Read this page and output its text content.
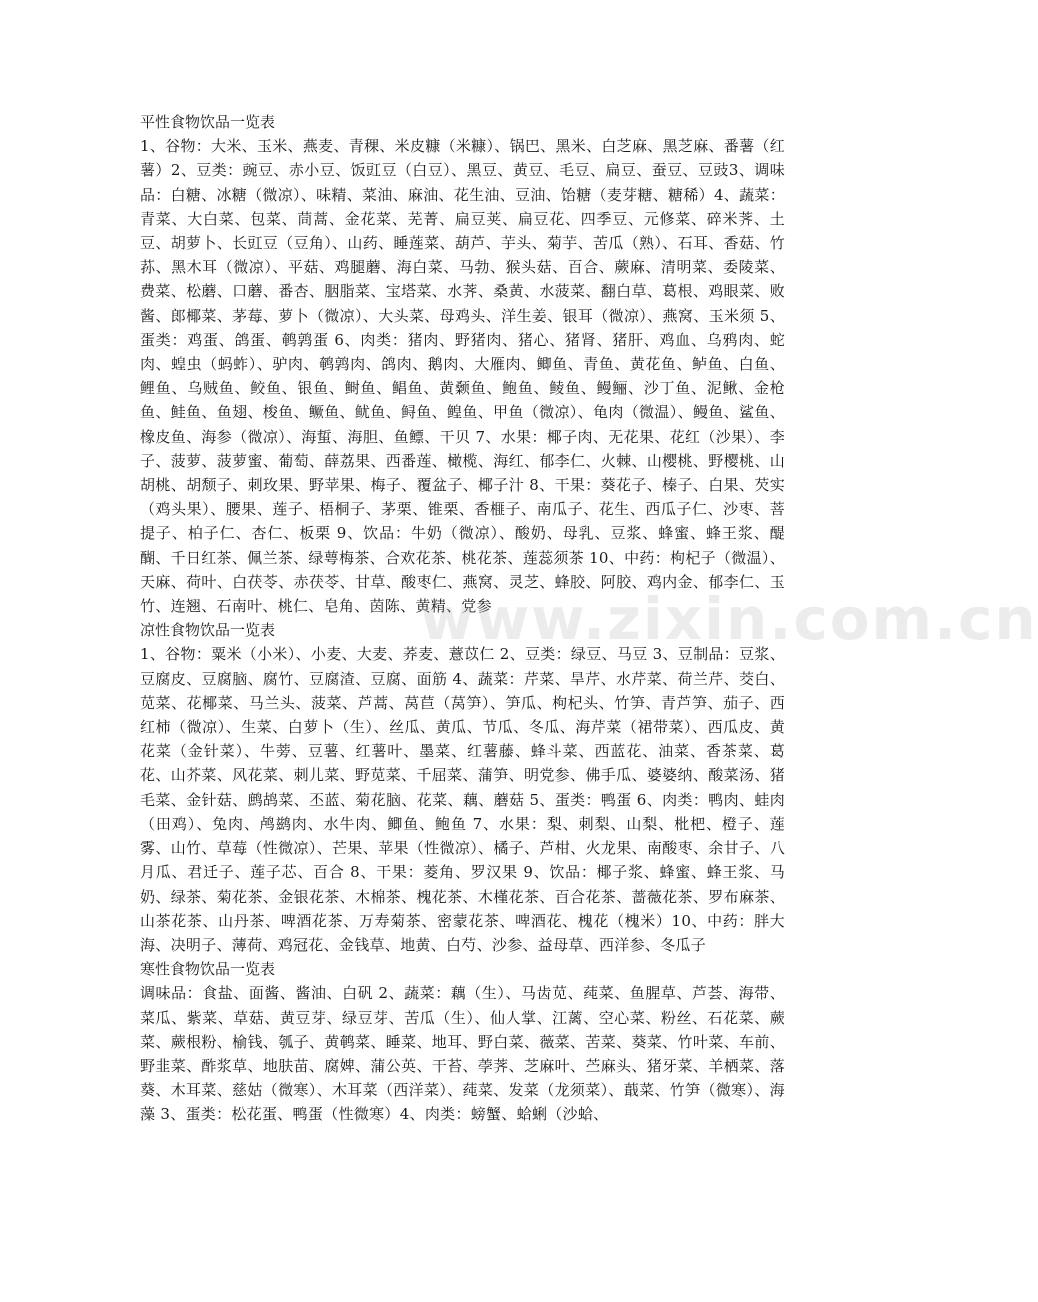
平性食物饮品一览表

1、谷物：大米、玉米、燕麦、青稞、米皮糠（米糠）、锅巴、黑米、白芝麻、黑芝麻、番薯（红薯）2、豆类：豌豆、赤小豆、饭豇豆（白豆）、黑豆、黄豆、毛豆、扁豆、蚕豆、豆豉3、调味品：白糖、冰糖（微凉）、味精、菜油、麻油、花生油、豆油、饴糖（麦芽糖、糖稀）4、蔬菜：青菜、大白菜、包菜、茼蒿、金花菜、芜菁、扁豆荚、扁豆花、四季豆、元修菜、碎米荠、土豆、胡萝卜、长豇豆（豆角）、山药、睡莲菜、葫芦、芋头、菊芋、苦瓜（熟）、石耳、香菇、竹荪、黑木耳（微凉）、平菇、鸡腿蘑、海白菜、马勃、猴头菇、百合、蕨麻、清明菜、委陵菜、费菜、松蘑、口蘑、番杏、胭脂菜、宝塔菜、水荠、桑黄、水菠菜、翻白草、葛根、鸡眼菜、败酱、郎椰菜、茅莓、萝卜（微凉）、大头菜、母鸡头、洋生姜、银耳（微凉）、燕窝、玉米须 5、蛋类：鸡蛋、鸽蛋、鹌鹑蛋 6、肉类：猪肉、野猪肉、猪心、猪肾、猪肝、鸡血、乌鸦肉、蛇肉、蝗虫（蚂蚱）、驴肉、鹌鹑肉、鸽肉、鹅肉、大雁肉、鲫鱼、青鱼、黄花鱼、鲈鱼、白鱼、鲤鱼、乌贼鱼、鲛鱼、银鱼、鲥鱼、鲳鱼、黄颡鱼、鲍鱼、鲮鱼、鳗鲡、沙丁鱼、泥鳅、金枪鱼、鲑鱼、鱼翅、梭鱼、鳜鱼、鱿鱼、鲟鱼、鳇鱼、甲鱼（微凉）、龟肉（微温）、鳗鱼、鲨鱼、橡皮鱼、海参（微凉）、海蜇、海胆、鱼鳔、干贝 7、水果：椰子肉、无花果、花红（沙果）、李子、菠萝、菠萝蜜、葡萄、薛荔果、西番莲、橄榄、海红、郁李仁、火棘、山樱桃、野樱桃、山胡桃、胡颓子、刺玫果、野苹果、梅子、覆盆子、椰子汁 8、干果：葵花子、榛子、白果、芡实（鸡头果）、腰果、莲子、梧桐子、茅栗、锥栗、香榧子、南瓜子、花生、西瓜子仁、沙枣、菩提子、柏子仁、杏仁、板栗 9、饮品：牛奶（微凉）、酸奶、母乳、豆浆、蜂蜜、蜂王浆、醍醐、千日红茶、佩兰茶、绿萼梅茶、合欢花茶、桃花茶、莲蕊须茶 10、中药：枸杞子（微温）、天麻、荷叶、白茯苓、赤茯苓、甘草、酸枣仁、燕窝、灵芝、蜂胶、阿胶、鸡内金、郁李仁、玉竹、连翘、石南叶、桃仁、皂角、茵陈、黄精、党参

凉性食物饮品一览表

1、谷物：粟米（小米）、小麦、大麦、荞麦、薏苡仁 2、豆类：绿豆、马豆 3、豆制品：豆浆、豆腐皮、豆腐脑、腐竹、豆腐渣、豆腐、面筋 4、蔬菜：芹菜、旱芹、水芹菜、荷兰芹、茭白、苋菜、花椰菜、马兰头、菠菜、芦蒿、莴苣（莴笋）、笋瓜、枸杞头、竹笋、青芦笋、茄子、西红柿（微凉）、生菜、白萝卜（生）、丝瓜、黄瓜、节瓜、冬瓜、海芹菜（裙带菜）、西瓜皮、黄花菜（金针菜）、牛蒡、豆薯、红薯叶、墨菜、红薯藤、蜂斗菜、西蓝花、油菜、香茶菜、葛花、山芥菜、风花菜、刺儿菜、野苋菜、千屈菜、蒲笋、明党参、佛手瓜、婆婆纳、酸菜汤、猪毛菜、金针菇、鹧鸪菜、丕蓝、菊花脑、花菜、藕、蘑菇 5、蛋类：鸭蛋 6、肉类：鸭肉、蛙肉（田鸡）、兔肉、鸬鹚肉、水牛肉、鲫鱼、鲍鱼 7、水果：梨、刺梨、山梨、枇杷、橙子、莲雾、山竹、草莓（性微凉）、芒果、苹果（性微凉）、橘子、芦柑、火龙果、南酸枣、余甘子、八月瓜、君迁子、莲子芯、百合 8、干果：菱角、罗汉果 9、饮品：椰子浆、蜂蜜、蜂王浆、马奶、绿茶、菊花茶、金银花茶、木棉茶、槐花茶、木槿花茶、百合花茶、蔷薇花茶、罗布麻茶、山茶花茶、山丹茶、啤酒花茶、万寿菊茶、密蒙花茶、啤酒花、槐花（槐米）10、中药：胖大海、决明子、薄荷、鸡冠花、金钱草、地黄、白芍、沙参、益母草、西洋参、冬瓜子

寒性食物饮品一览表

调味品：食盐、面酱、酱油、白矾 2、蔬菜：藕（生）、马齿苋、莼菜、鱼腥草、芦荟、海带、菜瓜、紫菜、草菇、黄豆芽、绿豆芽、苦瓜（生）、仙人掌、江蓠、空心菜、粉丝、石花菜、蕨菜、蕨根粉、榆钱、瓠子、黄鹌菜、睡菜、地耳、野白菜、薇菜、苦菜、葵菜、竹叶菜、车前、野韭菜、酢浆草、地肤苗、腐婢、蒲公英、干苔、荸荠、芝麻叶、苎麻头、猪牙菜、羊栖菜、落葵、木耳菜、慈姑（微寒）、木耳菜（西洋菜）、莼菜、发菜（龙须菜）、蕺菜、竹笋（微寒）、海藻 3、蛋类：松花蛋、鸭蛋（性微寒）4、肉类：螃蟹、蛤蜊（沙蛤、

www.zixin.com.cn
